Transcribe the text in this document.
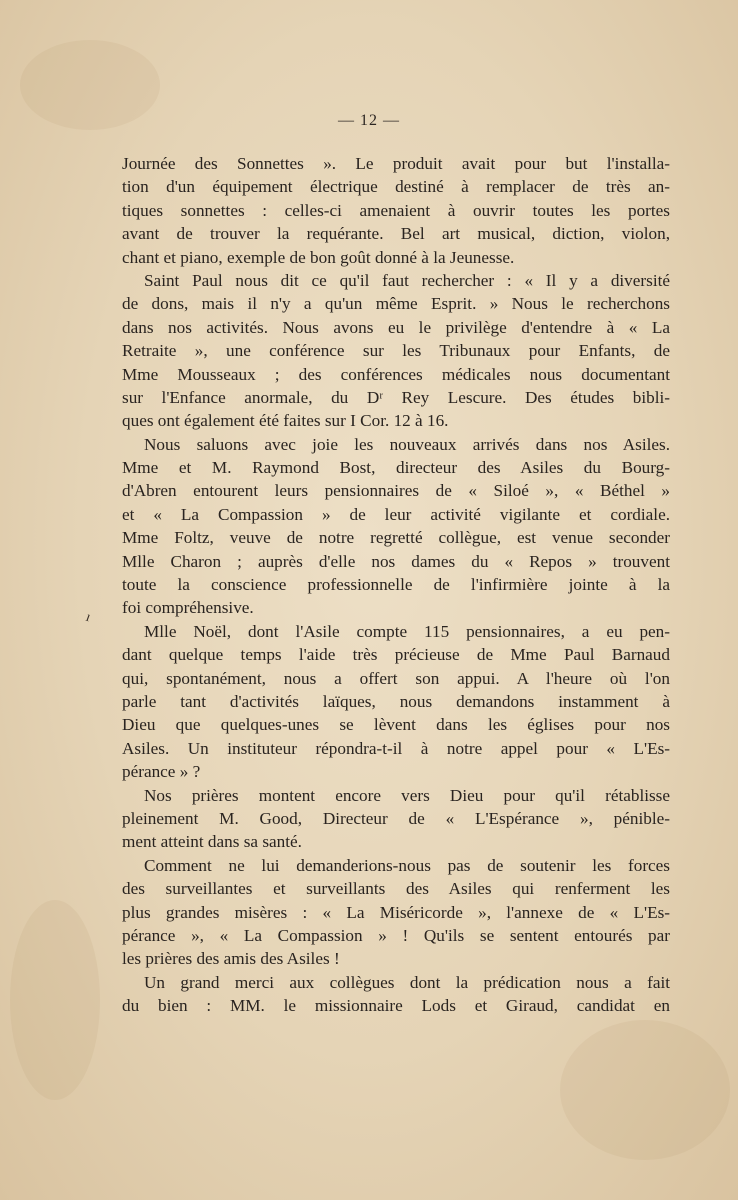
— 12 —
ı
Journée des Sonnettes ». Le produit avait pour but l'installa-
tion d'un équipement électrique destiné à remplacer de très an-
tiques sonnettes : celles-ci amenaient à ouvrir toutes les portes
avant de trouver la requérante. Bel art musical, diction, violon,
chant et piano, exemple de bon goût donné à la Jeunesse.
Saint Paul nous dit ce qu'il faut rechercher : « Il y a diversité
de dons, mais il n'y a qu'un même Esprit. » Nous le recherchons
dans nos activités. Nous avons eu le privilège d'entendre à « La
Retraite », une conférence sur les Tribunaux pour Enfants, de
Mme Mousseaux ; des conférences médicales nous documentant
sur l'Enfance anormale, du Dʳ Rey Lescure. Des études bibli-
ques ont également été faites sur I Cor. 12 à 16.
Nous saluons avec joie les nouveaux arrivés dans nos Asiles.
Mme et M. Raymond Bost, directeur des Asiles du Bourg-
d'Abren entourent leurs pensionnaires de « Siloé », « Béthel »
et « La Compassion » de leur activité vigilante et cordiale.
Mme Foltz, veuve de notre regretté collègue, est venue seconder
Mlle Charon ; auprès d'elle nos dames du « Repos » trouvent
toute la conscience professionnelle de l'infirmière jointe à la
foi compréhensive.
Mlle Noël, dont l'Asile compte 115 pensionnaires, a eu pen-
dant quelque temps l'aide très précieuse de Mme Paul Barnaud
qui, spontanément, nous a offert son appui. A l'heure où l'on
parle tant d'activités laïques, nous demandons instamment à
Dieu que quelques-unes se lèvent dans les églises pour nos
Asiles. Un instituteur répondra-t-il à notre appel pour « L'Es-
pérance » ?
Nos prières montent encore vers Dieu pour qu'il rétablisse
pleinement M. Good, Directeur de « L'Espérance », pénible-
ment atteint dans sa santé.
Comment ne lui demanderions-nous pas de soutenir les forces
des surveillantes et surveillants des Asiles qui renferment les
plus grandes misères : « La Miséricorde », l'annexe de « L'Es-
pérance », « La Compassion » ! Qu'ils se sentent entourés par
les prières des amis des Asiles !
Un grand merci aux collègues dont la prédication nous a fait
du bien : MM. le missionnaire Lods et Giraud, candidat en
